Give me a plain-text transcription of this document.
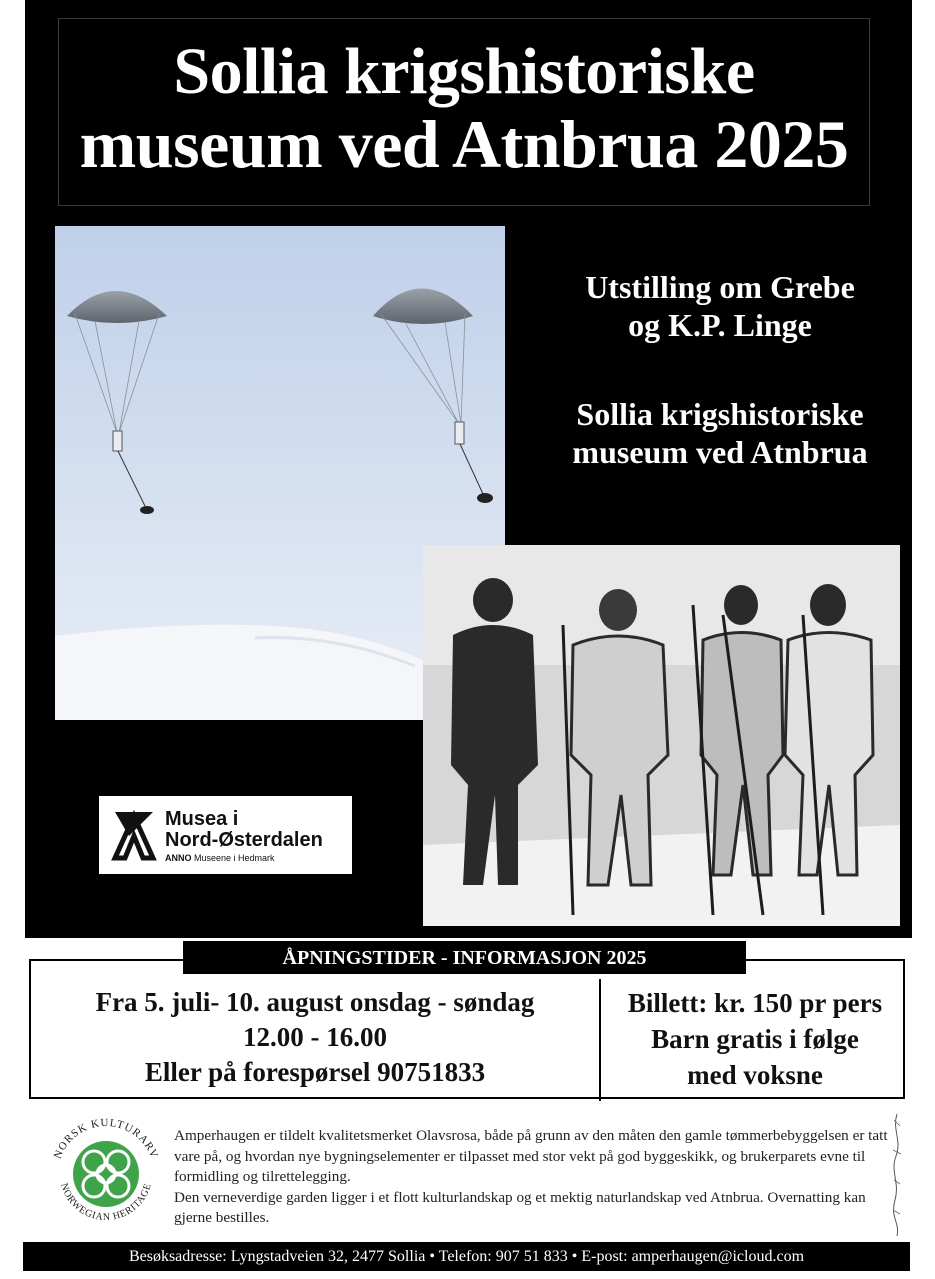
Sollia krigshistoriske
museum ved Atnbrua 2025
Utstilling om Grebe
og K.P. Linge
Sollia krigshistoriske
museum ved Atnbrua
Musea i
Nord-Østerdalen
ANNO Museene i Hedmark
Fra 5. juli- 10. august onsdag - søndag
12.00 - 16.00
Eller på forespørsel 90751833
Billett: kr. 150 pr pers
Barn gratis i følge
med voksne
ÅPNINGSTIDER - INFORMASJON 2025
NORSK KULTURARV
NORWEGIAN HERITAGE

Amperhaugen er tildelt kvalitetsmerket Olavsrosa, både på grunn av den måten den gamle tømmerbebyggelsen er tatt vare på, og hvordan nye bygningselementer er tilpasset med stor vekt på god byggeskikk, og brukerparets evne til formidling og tilrettelegging.

Den verneverdige garden ligger i et flott kulturlandskap og et mektig naturlandskap ved Atnbrua. Overnatting kan gjerne bestilles.

Besøksadresse: Lyngstadveien 32, 2477 Sollia • Telefon: 907 51 833 • E-post: amperhaugen@icloud.com
